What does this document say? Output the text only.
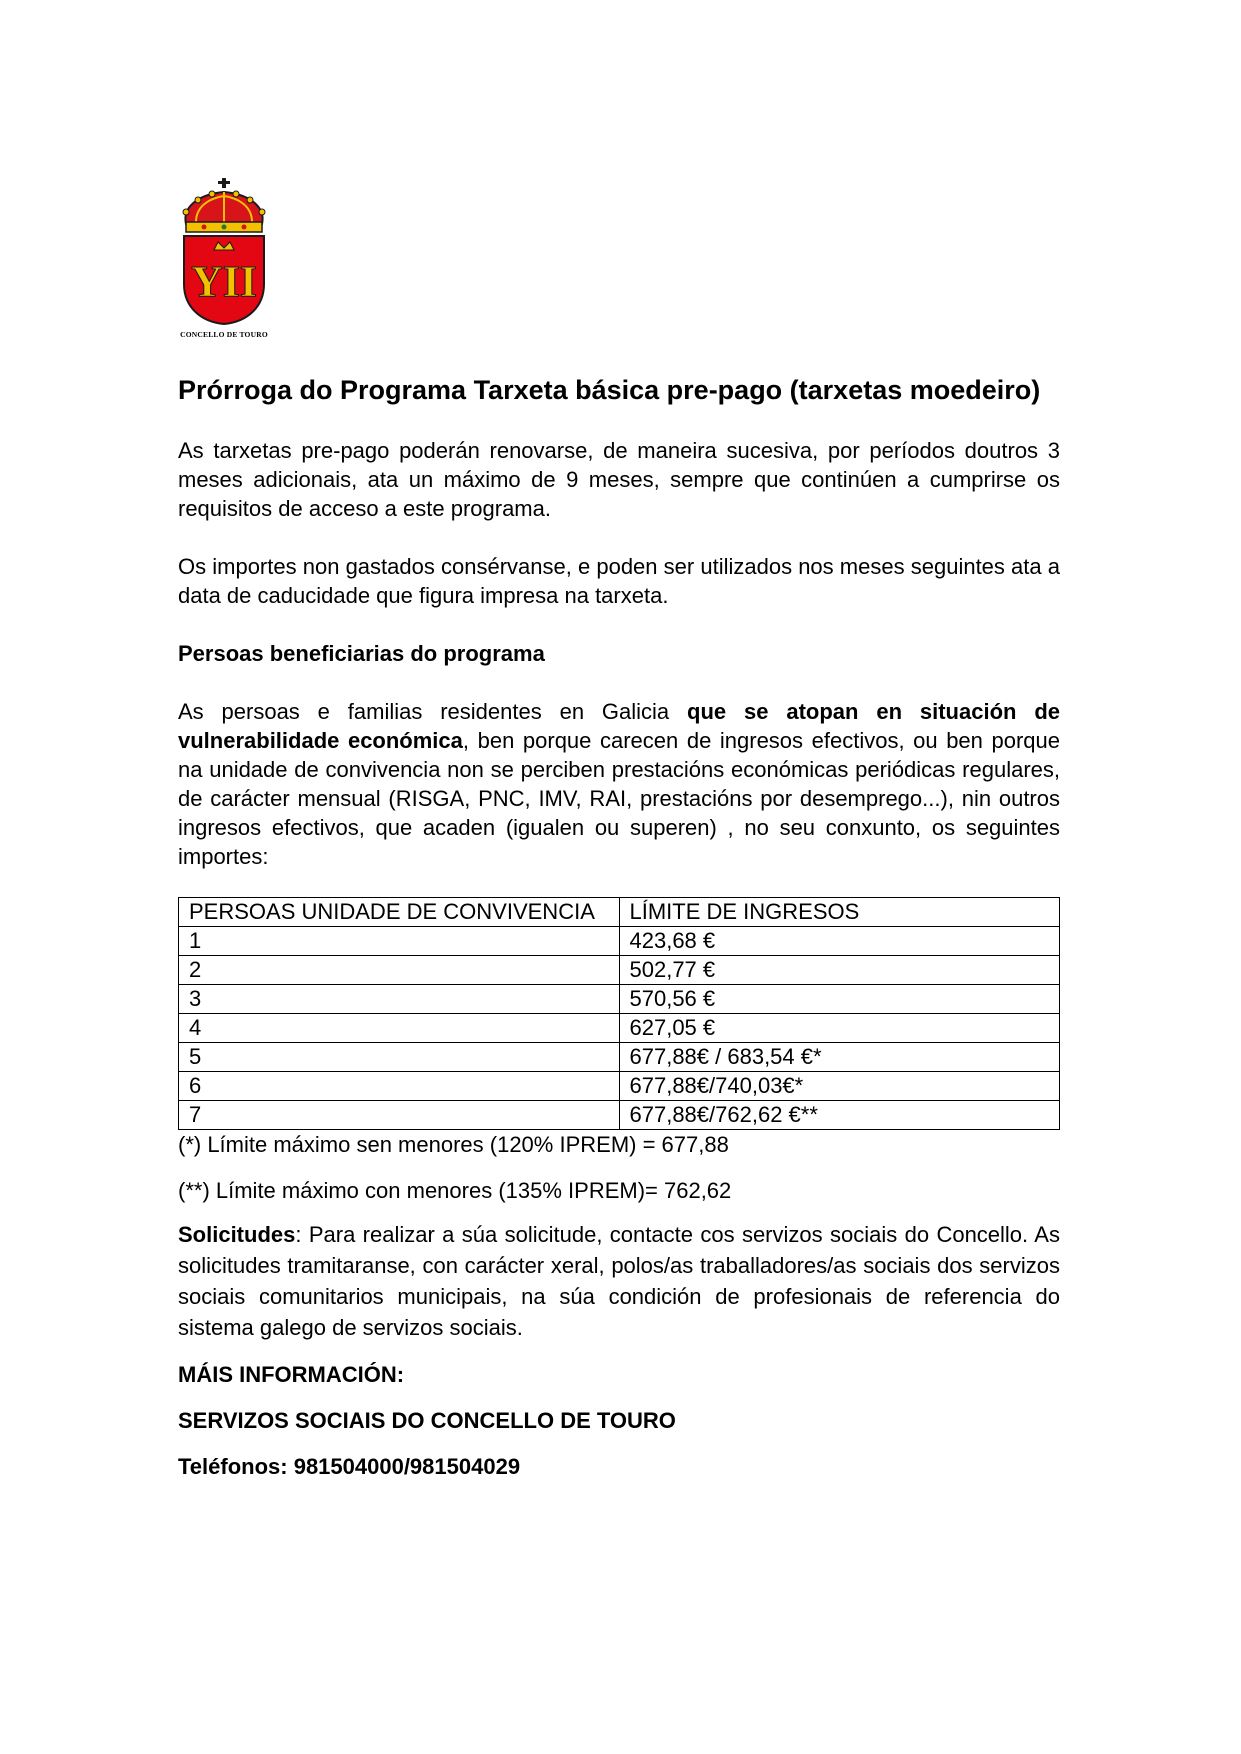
YII
CONCELLO DE TOURO
Prórroga do Programa Tarxeta básica pre-pago (tarxetas moedeiro)

As tarxetas pre-pago poderán renovarse, de maneira sucesiva, por períodos doutros 3 meses adicionais, ata un máximo de 9 meses, sempre que continúen a cumprirse os requisitos de acceso a este programa.

Os importes non gastados consérvanse, e poden ser utilizados nos meses seguintes ata a data de caducidade que figura impresa na tarxeta.

Persoas beneficiarias do programa

As persoas e familias residentes en Galicia que se atopan en situación de vulnerabilidade económica, ben porque carecen de ingresos efectivos, ou ben porque na unidade de convivencia non se perciben prestacións económicas periódicas regulares, de carácter mensual (RISGA, PNC, IMV, RAI, prestacións por desemprego...), nin outros ingresos efectivos, que acaden (igualen ou superen) , no seu conxunto, os seguintes importes:

PERSOAS UNIDADE DE CONVIVENCIA	LÍMITE DE INGRESOS
1	423,68 €
2	502,77 €
3	570,56 €
4	627,05 €
5	677,88€ / 683,54 €*
6	677,88€/740,03€*
7	677,88€/762,62 €**

(*) Límite máximo sen menores (120% IPREM) = 677,88

(**) Límite máximo con menores (135% IPREM)= 762,62

Solicitudes: Para realizar a súa solicitude, contacte cos servizos sociais do Concello. As solicitudes tramitaranse, con carácter xeral, polos/as traballadores/as sociais dos servizos sociais comunitarios municipais, na súa condición de profesionais de referencia do sistema galego de servizos sociais.

MÁIS INFORMACIÓN:
SERVIZOS SOCIAIS DO CONCELLO DE TOURO
Teléfonos: 981504000/981504029
